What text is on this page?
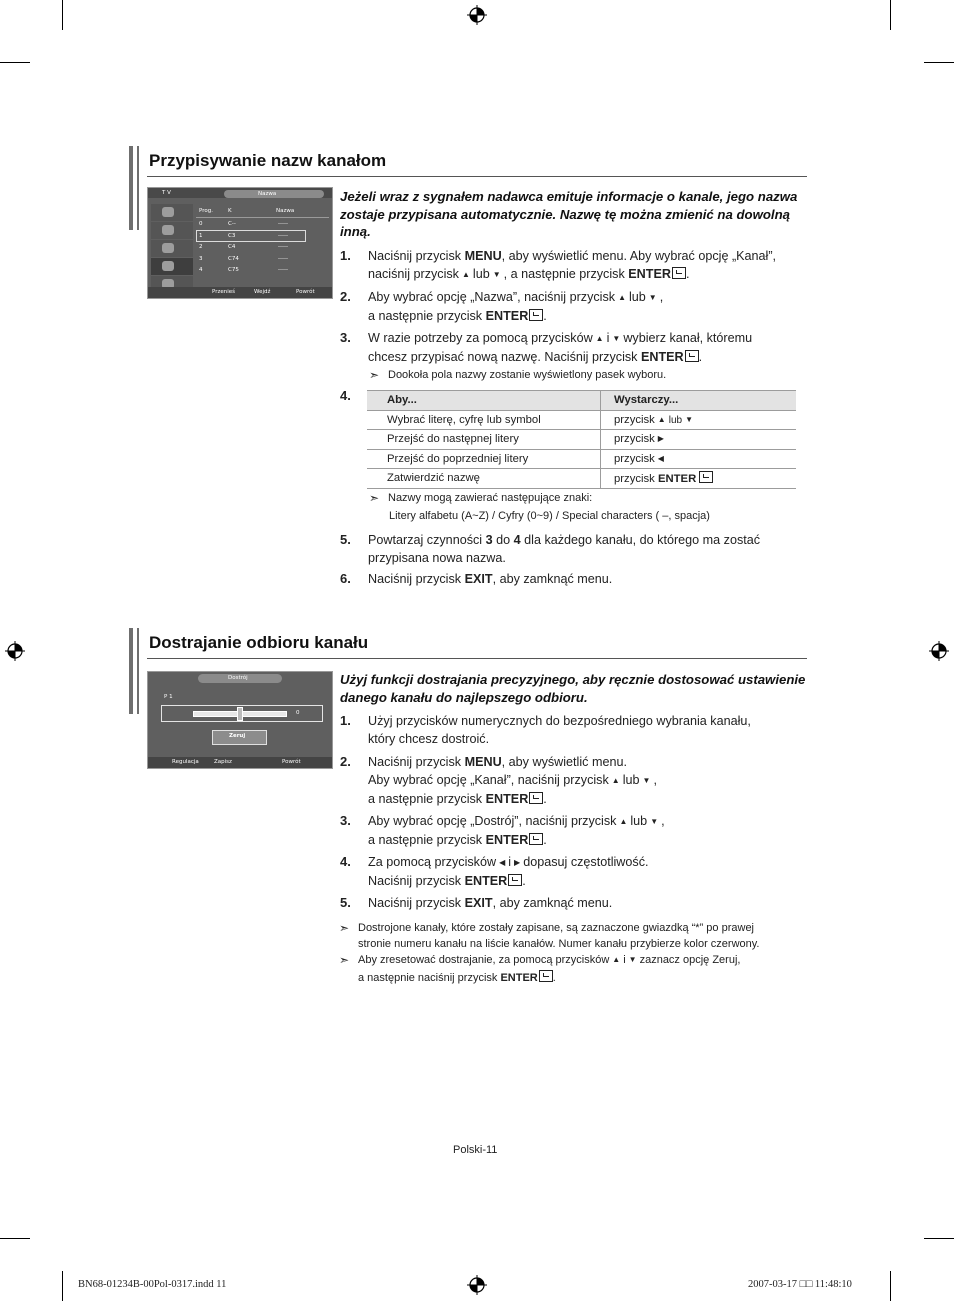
Przypisywanie nazw kanałom
T V	Nazwa
Prog.	K	Nazwa
0	C--	-----
1	C3	-----
2	C4	-----
3	C74	-----
4	C75	-----
Przenieś	Wejdź	Powrót
Jeżeli wraz z sygnałem nadawca emituje informacje o kanale, jego nazwa zostaje przypisana automatycznie. Nazwę tę można zmienić na dowolną inną.
1. Naciśnij przycisk MENU, aby wyświetlić menu. Aby wybrać opcję „Kanał”,
naciśnij przycisk ▲ lub ▼ , a następnie przycisk ENTER .
2. Aby wybrać opcję „Nazwa”, naciśnij przycisk ▲ lub ▼ ,
a następnie przycisk ENTER .
3. W razie potrzeby za pomocą przycisków ▲ i ▼ wybierz kanał, któremu
chcesz przypisać nową nazwę. Naciśnij przycisk ENTER .
➣ Dookoła pola nazwy zostanie wyświetlony pasek wyboru.
4.	Aby...	Wystarczy...
Wybrać literę, cyfrę lub symbol	przycisk ▲ lub ▼
Przejść do następnej litery	przycisk ▶
Przejść do poprzedniej litery	przycisk ◀
Zatwierdzić nazwę	przycisk ENTER
➣ Nazwy mogą zawierać następujące znaki:
Litery alfabetu (A~Z) / Cyfry (0~9) / Special characters ( –, spacja)
5. Powtarzaj czynności 3 do 4 dla każdego kanału, do którego ma zostać
przypisana nowa nazwa.
6. Naciśnij przycisk EXIT, aby zamknąć menu.
Dostrajanie odbioru kanału
Dostrój
P 1
0
Zeruj
Regulacja	Zapisz	Powrót
Użyj funkcji dostrajania precyzyjnego, aby ręcznie dostosować ustawienie danego kanału do najlepszego odbioru.
1. Użyj przycisków numerycznych do bezpośredniego wybrania kanału,
który chcesz dostroić.
2. Naciśnij przycisk MENU, aby wyświetlić menu.
Aby wybrać opcję „Kanał”, naciśnij przycisk ▲ lub ▼ ,
a następnie przycisk ENTER .
3. Aby wybrać opcję „Dostrój”, naciśnij przycisk ▲ lub ▼ ,
a następnie przycisk ENTER .
4. Za pomocą przycisków ◀ i ▶ dopasuj częstotliwość.
Naciśnij przycisk ENTER .
5. Naciśnij przycisk EXIT, aby zamknąć menu.
➣ Dostrojone kanały, które zostały zapisane, są zaznaczone gwiazdką “*” po prawej
stronie numeru kanału na liście kanałów. Numer kanału przybierze kolor czerwony.
➣ Aby zresetować dostrajanie, za pomocą przycisków ▲ i ▼ zaznacz opcję Zeruj,
a następnie naciśnij przycisk ENTER .
Polski-11
BN68-01234B-00Pol-0317.indd 11	2007-03-17 □□ 11:48:10
